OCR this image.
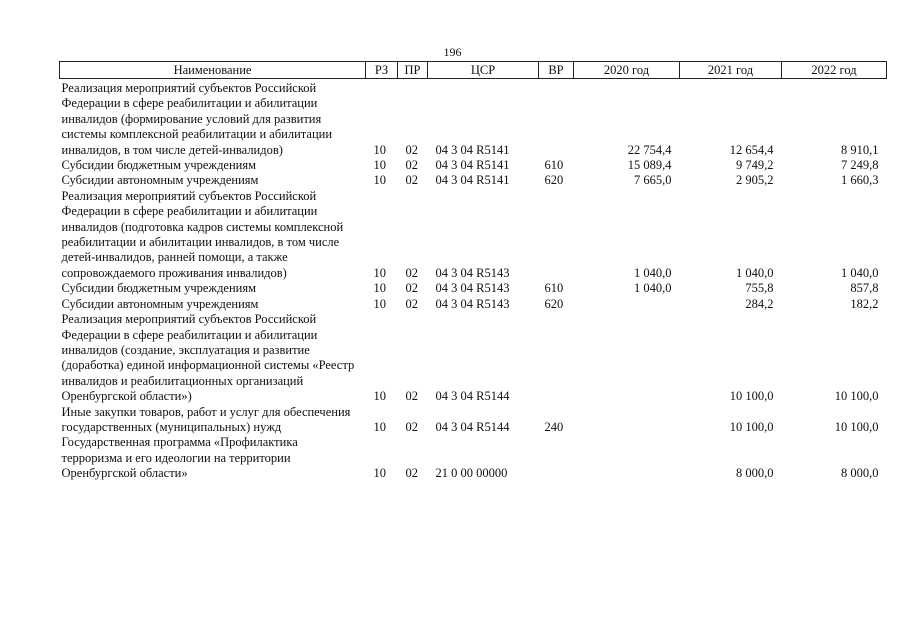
196
Наименование	РЗ	ПР	ЦСР	ВР	2020 год	2021 год	2022 год
Реализация мероприятий субъектов Российской Федерации в сфере реабилитации и абилитации инвалидов (формирование условий для развития системы комплексной реабилитации и абилитации инвалидов, в том числе детей-инвалидов)	10	02	04 3 04 R5141		22 754,4	12 654,4	8 910,1
Субсидии бюджетным учреждениям	10	02	04 3 04 R5141	610	15 089,4	9 749,2	7 249,8
Субсидии автономным учреждениям	10	02	04 3 04 R5141	620	7 665,0	2 905,2	1 660,3
Реализация мероприятий субъектов Российской Федерации в сфере реабилитации и абилитации инвалидов (подготовка кадров системы комплексной реабилитации и абилитации инвалидов, в том числе детей-инвалидов, ранней помощи, а также сопровождаемого проживания инвалидов)	10	02	04 3 04 R5143		1 040,0	1 040,0	1 040,0
Субсидии бюджетным учреждениям	10	02	04 3 04 R5143	610	1 040,0	755,8	857,8
Субсидии автономным учреждениям	10	02	04 3 04 R5143	620		284,2	182,2
Реализация мероприятий субъектов Российской Федерации в сфере реабилитации и абилитации инвалидов (создание, эксплуатация и развитие (доработка) единой информационной системы «Реестр инвалидов и реабилитационных организаций Оренбургской области»)	10	02	04 3 04 R5144			10 100,0	10 100,0
Иные закупки товаров, работ и услуг для обеспечения государственных (муниципальных) нужд	10	02	04 3 04 R5144	240		10 100,0	10 100,0
Государственная программа «Профилактика терроризма и его идеологии на территории Оренбургской области»	10	02	21 0 00 00000			8 000,0	8 000,0
